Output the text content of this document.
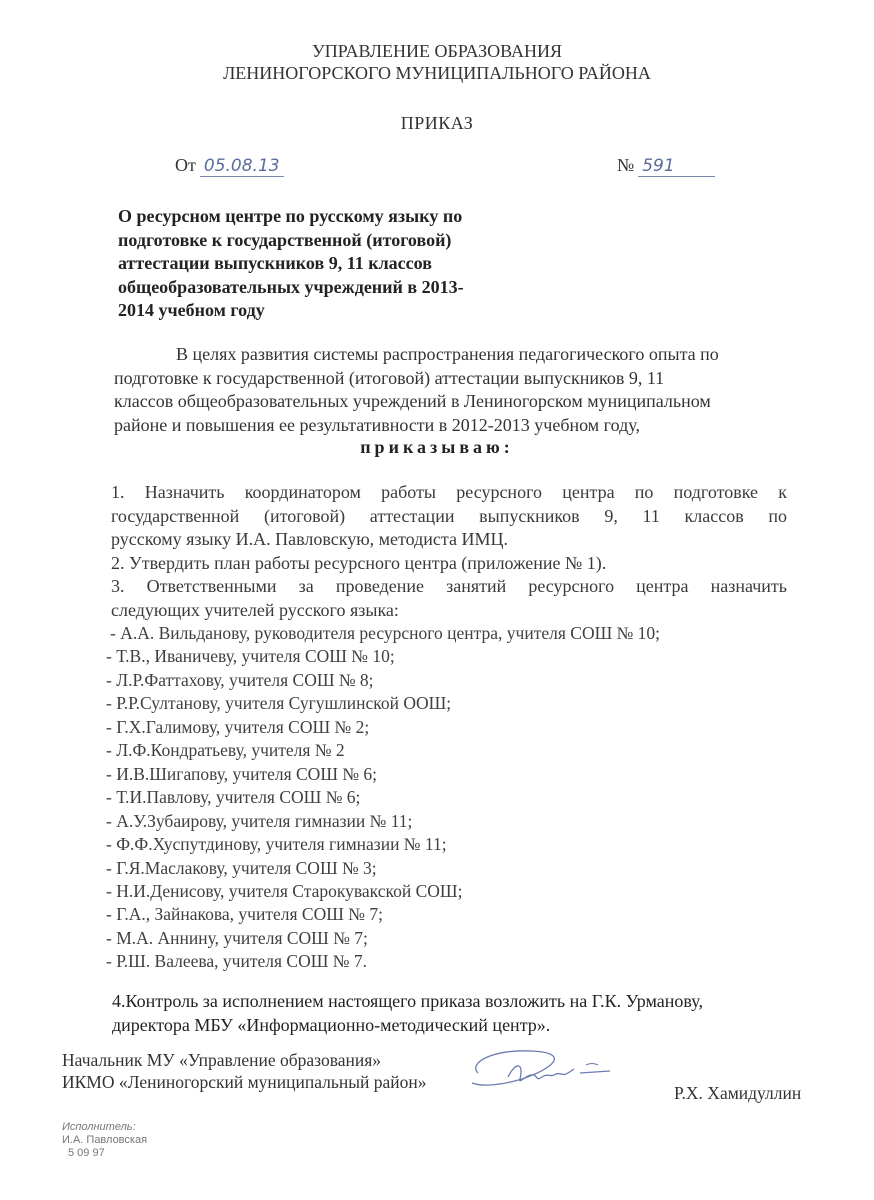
УПРАВЛЕНИЕ ОБРАЗОВАНИЯ
ЛЕНИНОГОРСКОГО МУНИЦИПАЛЬНОГО РАЙОНА
ПРИКАЗ
От 05.08.13	№ 591
О ресурсном центре по русскому языку по
подготовке к государственной (итоговой)
аттестации выпускников 9, 11 классов
общеобразовательных учреждений в 2013-
2014 учебном году
В целях развития системы распространения педагогического опыта по
подготовке к государственной (итоговой) аттестации выпускников 9, 11
классов общеобразовательных учреждений в Лениногорском муниципальном
районе и повышения ее результативности в 2012-2013 учебном году,
приказываю:
1. Назначить координатором работы ресурсного центра по подготовке к
государственной (итоговой) аттестации выпускников 9, 11 классов по
русскому языку И.А. Павловскую, методиста ИМЦ.
2. Утвердить план работы ресурсного центра (приложение № 1).
3. Ответственными за проведение занятий ресурсного центра назначить
следующих учителей русского языка:
- А.А. Вильданову, руководителя ресурсного центра, учителя СОШ № 10;
- Т.В., Иваничеву, учителя СОШ № 10;
- Л.Р.Фаттахову, учителя СОШ № 8;
- Р.Р.Султанову, учителя Сугушлинской ООШ;
- Г.Х.Галимову, учителя СОШ № 2;
- Л.Ф.Кондратьеву, учителя № 2
- И.В.Шигапову, учителя СОШ № 6;
- Т.И.Павлову, учителя СОШ № 6;
- А.У.Зубаирову, учителя гимназии № 11;
- Ф.Ф.Хуспутдинову, учителя гимназии № 11;
- Г.Я.Маслакову, учителя СОШ № 3;
- Н.И.Денисову, учителя Старокувакской СОШ;
- Г.А., Зайнакова, учителя СОШ № 7;
- М.А. Аннину, учителя СОШ № 7;
- Р.Ш. Валеева, учителя СОШ № 7.
4.Контроль за исполнением настоящего приказа возложить на Г.К. Урманову,
директора МБУ «Информационно-методический центр».
Начальник МУ «Управление образования»
ИКМО «Лениногорский муниципальный район»
Р.Х. Хамидуллин
Исполнитель:
И.А. Павловская
5 09 97
